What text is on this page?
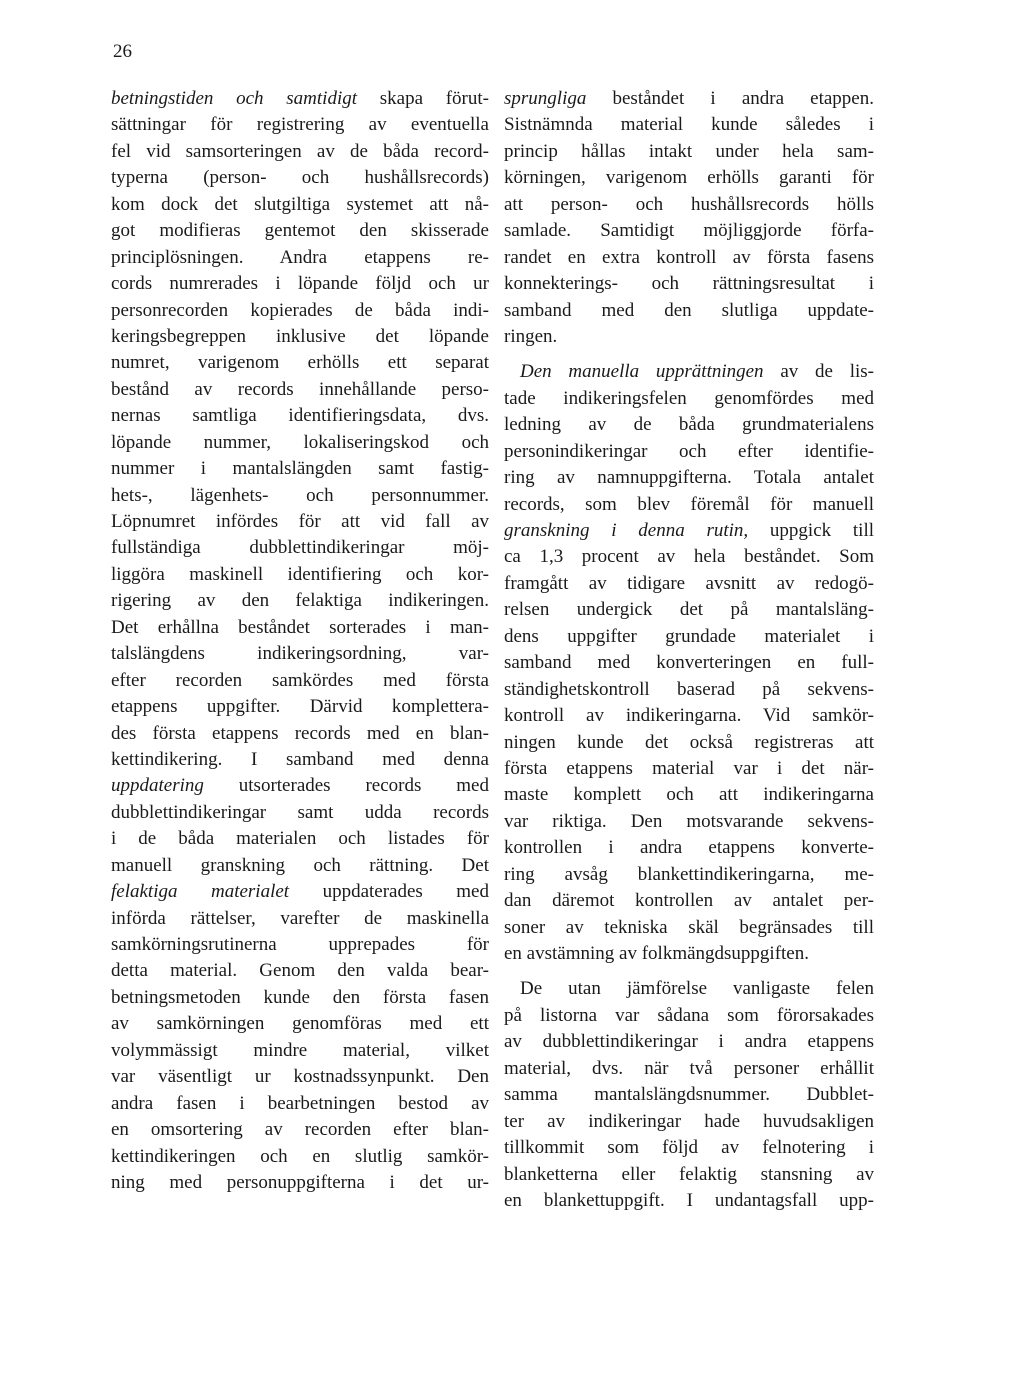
26
betningstiden och samtidigt skapa förut-
sättningar för registrering av eventuella
fel vid samsorteringen av de båda record-
typerna (person- och hushållsrecords)
kom dock det slutgiltiga systemet att nå-
got modifieras gentemot den skisserade
principlösningen. Andra etappens re-
cords numrerades i löpande följd och ur
personrecorden kopierades de båda indi-
keringsbegreppen inklusive det löpande
numret, varigenom erhölls ett separat
bestånd av records innehållande perso-
nernas samtliga identifieringsdata, dvs.
löpande nummer, lokaliseringskod och
nummer i mantalslängden samt fastig-
hets-, lägenhets- och personnummer.
Löpnumret infördes för att vid fall av
fullständiga dubblettindikeringar möj-
liggöra maskinell identifiering och kor-
rigering av den felaktiga indikeringen.
Det erhållna beståndet sorterades i man-
talslängdens indikeringsordning, var-
efter recorden samkördes med första
etappens uppgifter. Därvid komplettera-
des första etappens records med en blan-
kettindikering. I samband med denna
uppdatering utsorterades records med
dubblettindikeringar samt udda records
i de båda materialen och listades för
manuell granskning och rättning. Det
felaktiga materialet uppdaterades med
införda rättelser, varefter de maskinella
samkörningsrutinerna upprepades för
detta material. Genom den valda bear-
betningsmetoden kunde den första fasen
av samkörningen genomföras med ett
volymmässigt mindre material, vilket
var väsentligt ur kostnadssynpunkt. Den
andra fasen i bearbetningen bestod av
en omsortering av recorden efter blan-
kettindikeringen och en slutlig samkör-
ning med personuppgifterna i det ur-
sprungliga beståndet i andra etappen.
Sistnämnda material kunde således i
princip hållas intakt under hela sam-
körningen, varigenom erhölls garanti för
att person- och hushållsrecords hölls
samlade. Samtidigt möjliggjorde förfa-
randet en extra kontroll av första fasens
konnekterings- och rättningsresultat i
samband med den slutliga uppdate-
ringen.
Den manuella upprättningen av de lis-
tade indikeringsfelen genomfördes med
ledning av de båda grundmaterialens
personindikeringar och efter identifie-
ring av namnuppgifterna. Totala antalet
records, som blev föremål för manuell
granskning i denna rutin, uppgick till
ca 1,3 procent av hela beståndet. Som
framgått av tidigare avsnitt av redogö-
relsen undergick det på mantalsläng-
dens uppgifter grundade materialet i
samband med konverteringen en full-
ständighetskontroll baserad på sekvens-
kontroll av indikeringarna. Vid samkör-
ningen kunde det också registreras att
första etappens material var i det när-
maste komplett och att indikeringarna
var riktiga. Den motsvarande sekvens-
kontrollen i andra etappens konverte-
ring avsåg blankettindikeringarna, me-
dan däremot kontrollen av antalet per-
soner av tekniska skäl begränsades till
en avstämning av folkmängdsuppgiften.
De utan jämförelse vanligaste felen
på listorna var sådana som förorsakades
av dubblettindikeringar i andra etappens
material, dvs. när två personer erhållit
samma mantalslängdsnummer. Dubblet-
ter av indikeringar hade huvudsakligen
tillkommit som följd av felnotering i
blanketterna eller felaktig stansning av
en blankettuppgift. I undantagsfall upp-
